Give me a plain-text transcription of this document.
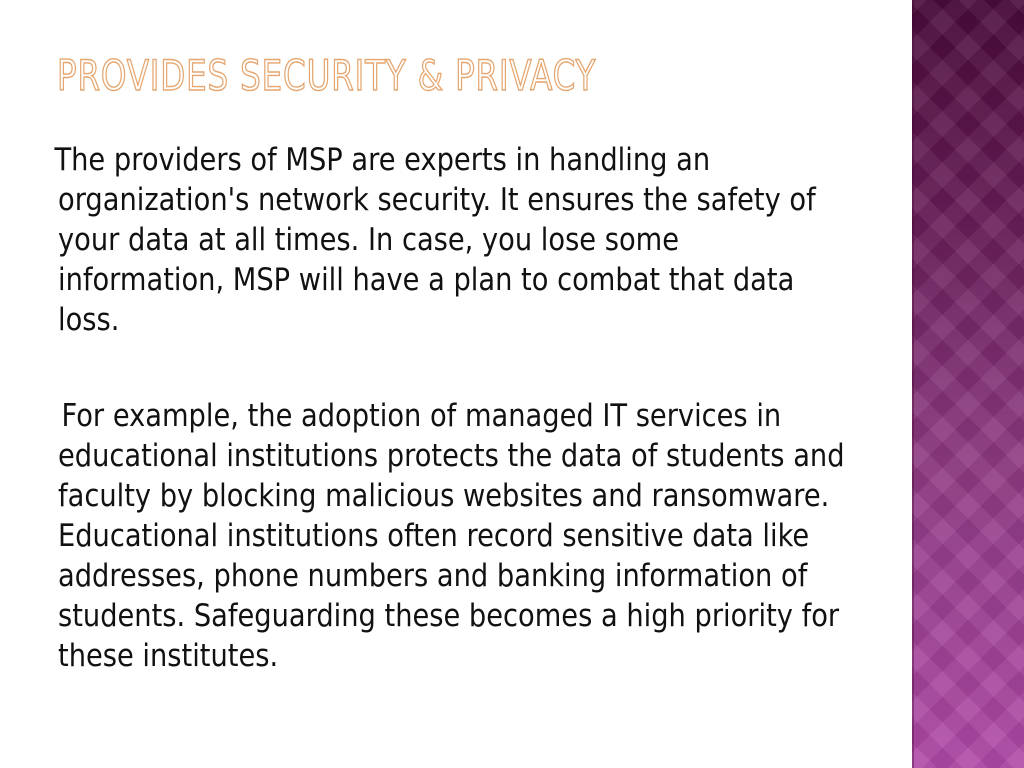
PROVIDES SECURITY & PRIVACY

The providers of MSP are experts in handling an organization's network security. It ensures the safety of your data at all times. In case, you lose some information, MSP will have a plan to combat that data loss.

For example, the adoption of managed IT services in educational institutions protects the data of students and faculty by blocking malicious websites and ransomware. Educational institutions often record sensitive data like addresses, phone numbers and banking information of students. Safeguarding these becomes a high priority for these institutes.
